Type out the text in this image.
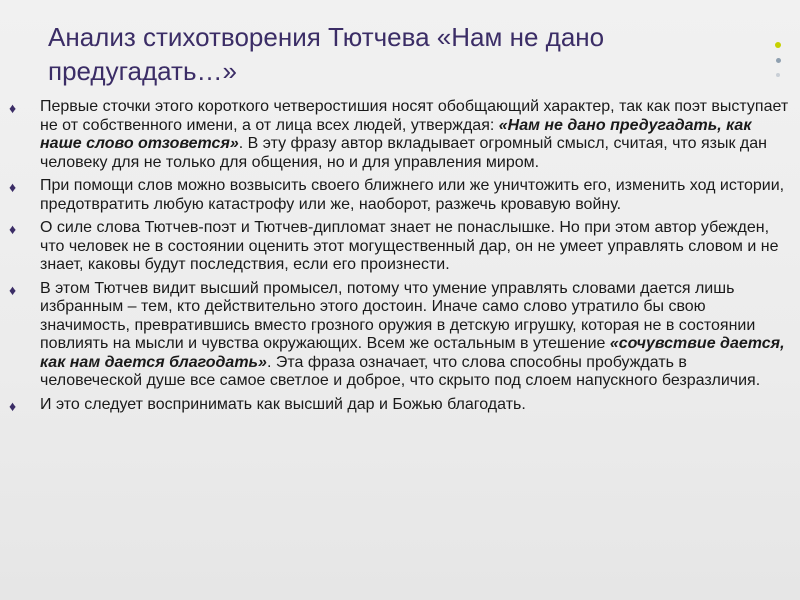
Анализ стихотворения Тютчева «Нам не дано предугадать…»
♦ Первые сточки этого короткого четверостишия носят обобщающий характер, так как поэт выступает не от собственного имени, а от лица всех людей, утверждая: «Нам не дано предугадать, как наше слово отзовется». В эту фразу автор вкладывает огромный смысл, считая, что язык дан человеку для не только для общения, но и для управления миром.
♦ При помощи слов можно возвысить своего ближнего или же уничтожить его, изменить ход истории, предотвратить любую катастрофу или же, наоборот, разжечь кровавую войну.
♦ О силе слова Тютчев-поэт и Тютчев-дипломат знает не понаслышке. Но при этом автор убежден, что человек не в состоянии оценить этот могущественный дар, он не умеет управлять словом и не знает, каковы будут последствия, если его произнести.
♦ В этом Тютчев видит высший промысел, потому что умение управлять словами дается лишь избранным – тем, кто действительно этого достоин. Иначе само слово утратило бы свою значимость, превратившись вместо грозного оружия в детскую игрушку, которая не в состоянии повлиять на мысли и чувства окружающих. Всем же остальным в утешение «сочувствие дается, как нам дается благодать». Эта фраза означает, что слова способны пробуждать в человеческой душе все самое светлое и доброе, что скрыто под слоем напускного безразличия.
♦ И это следует воспринимать как высший дар и Божью благодать.
